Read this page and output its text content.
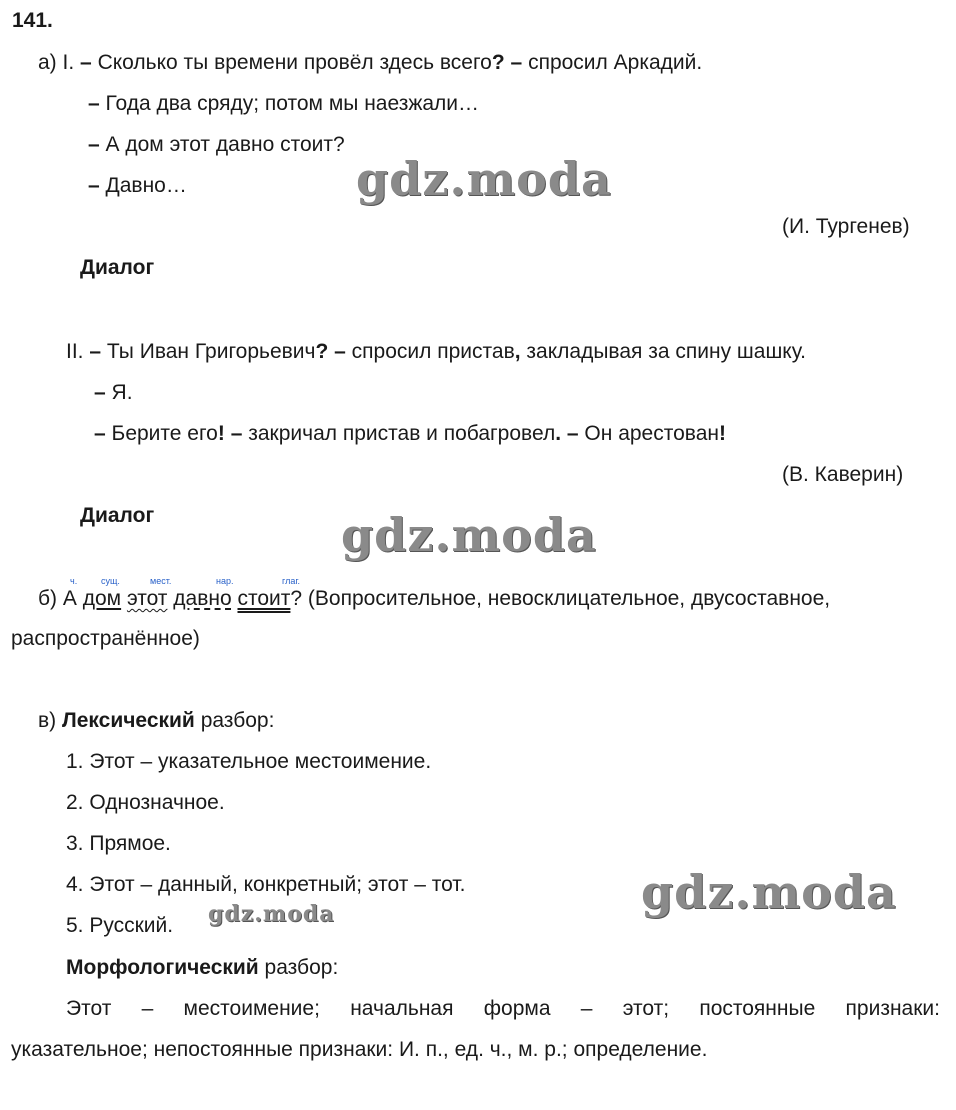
141.
а) I. – Сколько ты времени провёл здесь всего? – спросил Аркадий.
– Года два сряду; потом мы наезжали…
– А дом этот давно стоит?
– Давно…	gdz.moda
(И. Тургенев)
Диалог
II. – Ты Иван Григорьевич? – спросил пристав, закладывая за спину шашку.
– Я.
– Берите его! – закричал пристав и побагровел. – Он арестован!
(В. Каверин)
Диалог	gdz.moda
ч.	сущ.	мест.	нар.	глаг.
б) А дом этот давно стоит? (Вопросительное, невосклицательное, двусоставное,
распространённое)
в) Лексический разбор:
1. Этот – указательное местоимение.
2. Однозначное.
3. Прямое.
4. Этот – данный, конкретный; этот – тот.
5. Русский. gdz.moda	gdz.moda
Морфологический разбор:
Этот – местоимение; начальная форма – этот; постоянные признаки:
указательное; непостоянные признаки: И. п., ед. ч., м. р.; определение.
